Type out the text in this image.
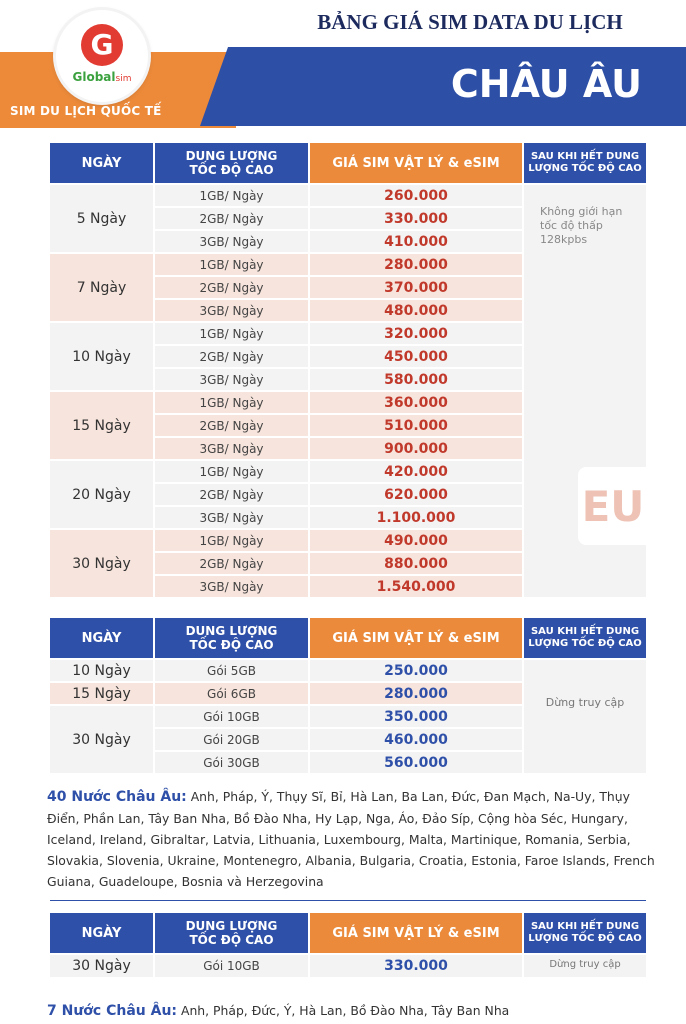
G
Globalsim
SIM DU LỊCH QUỐC TẾ
BẢNG GIÁ SIM DATA DU LỊCH
CHÂU ÂU
NGÀY	DUNG LƯỢNG
TỐC ĐỘ CAO	GIÁ SIM VẬT LÝ & eSIM	SAU KHI HẾT DUNG
LƯỢNG TỐC ĐỘ CAO
5 Ngày
1GB/ Ngày	260.000
2GB/ Ngày	330.000
3GB/ Ngày	410.000
7 Ngày
1GB/ Ngày	280.000
2GB/ Ngày	370.000
3GB/ Ngày	480.000
10 Ngày
1GB/ Ngày	320.000
2GB/ Ngày	450.000
3GB/ Ngày	580.000
15 Ngày
1GB/ Ngày	360.000
2GB/ Ngày	510.000
3GB/ Ngày	900.000
20 Ngày
1GB/ Ngày	420.000
2GB/ Ngày	620.000
3GB/ Ngày	1.100.000
30 Ngày
1GB/ Ngày	490.000
2GB/ Ngày	880.000
3GB/ Ngày	1.540.000
Không giới hạn
tốc độ thấp
128kpbs
EU
NGÀY	DUNG LƯỢNG
TỐC ĐỘ CAO	GIÁ SIM VẬT LÝ & eSIM	SAU KHI HẾT DUNG
LƯỢNG TỐC ĐỘ CAO
10 Ngày	Gói 5GB	250.000
15 Ngày	Gói 6GB	280.000
30 Ngày
Gói 10GB	350.000
Gói 20GB	460.000
Gói 30GB	560.000
Dừng truy cập
40 Nước Châu Âu: Anh, Pháp, Ý, Thụy Sĩ, Bỉ, Hà Lan, Ba Lan, Đức, Đan Mạch, Na-Uy, Thụy Điển, Phần Lan, Tây Ban Nha, Bồ Đào Nha, Hy Lạp, Nga, Áo, Đảo Síp, Cộng hòa Séc, Hungary, Iceland, Ireland, Gibraltar, Latvia, Lithuania, Luxembourg, Malta, Martinique, Romania, Serbia, Slovakia, Slovenia, Ukraine, Montenegro, Albania, Bulgaria, Croatia, Estonia, Faroe Islands, French Guiana, Guadeloupe, Bosnia và Herzegovina
NGÀY	DUNG LƯỢNG
TỐC ĐỘ CAO	GIÁ SIM VẬT LÝ & eSIM	SAU KHI HẾT DUNG
LƯỢNG TỐC ĐỘ CAO
30 Ngày	Gói 10GB	330.000	Dừng truy cập
7 Nước Châu Âu: Anh, Pháp, Đức, Ý, Hà Lan, Bồ Đào Nha, Tây Ban Nha
